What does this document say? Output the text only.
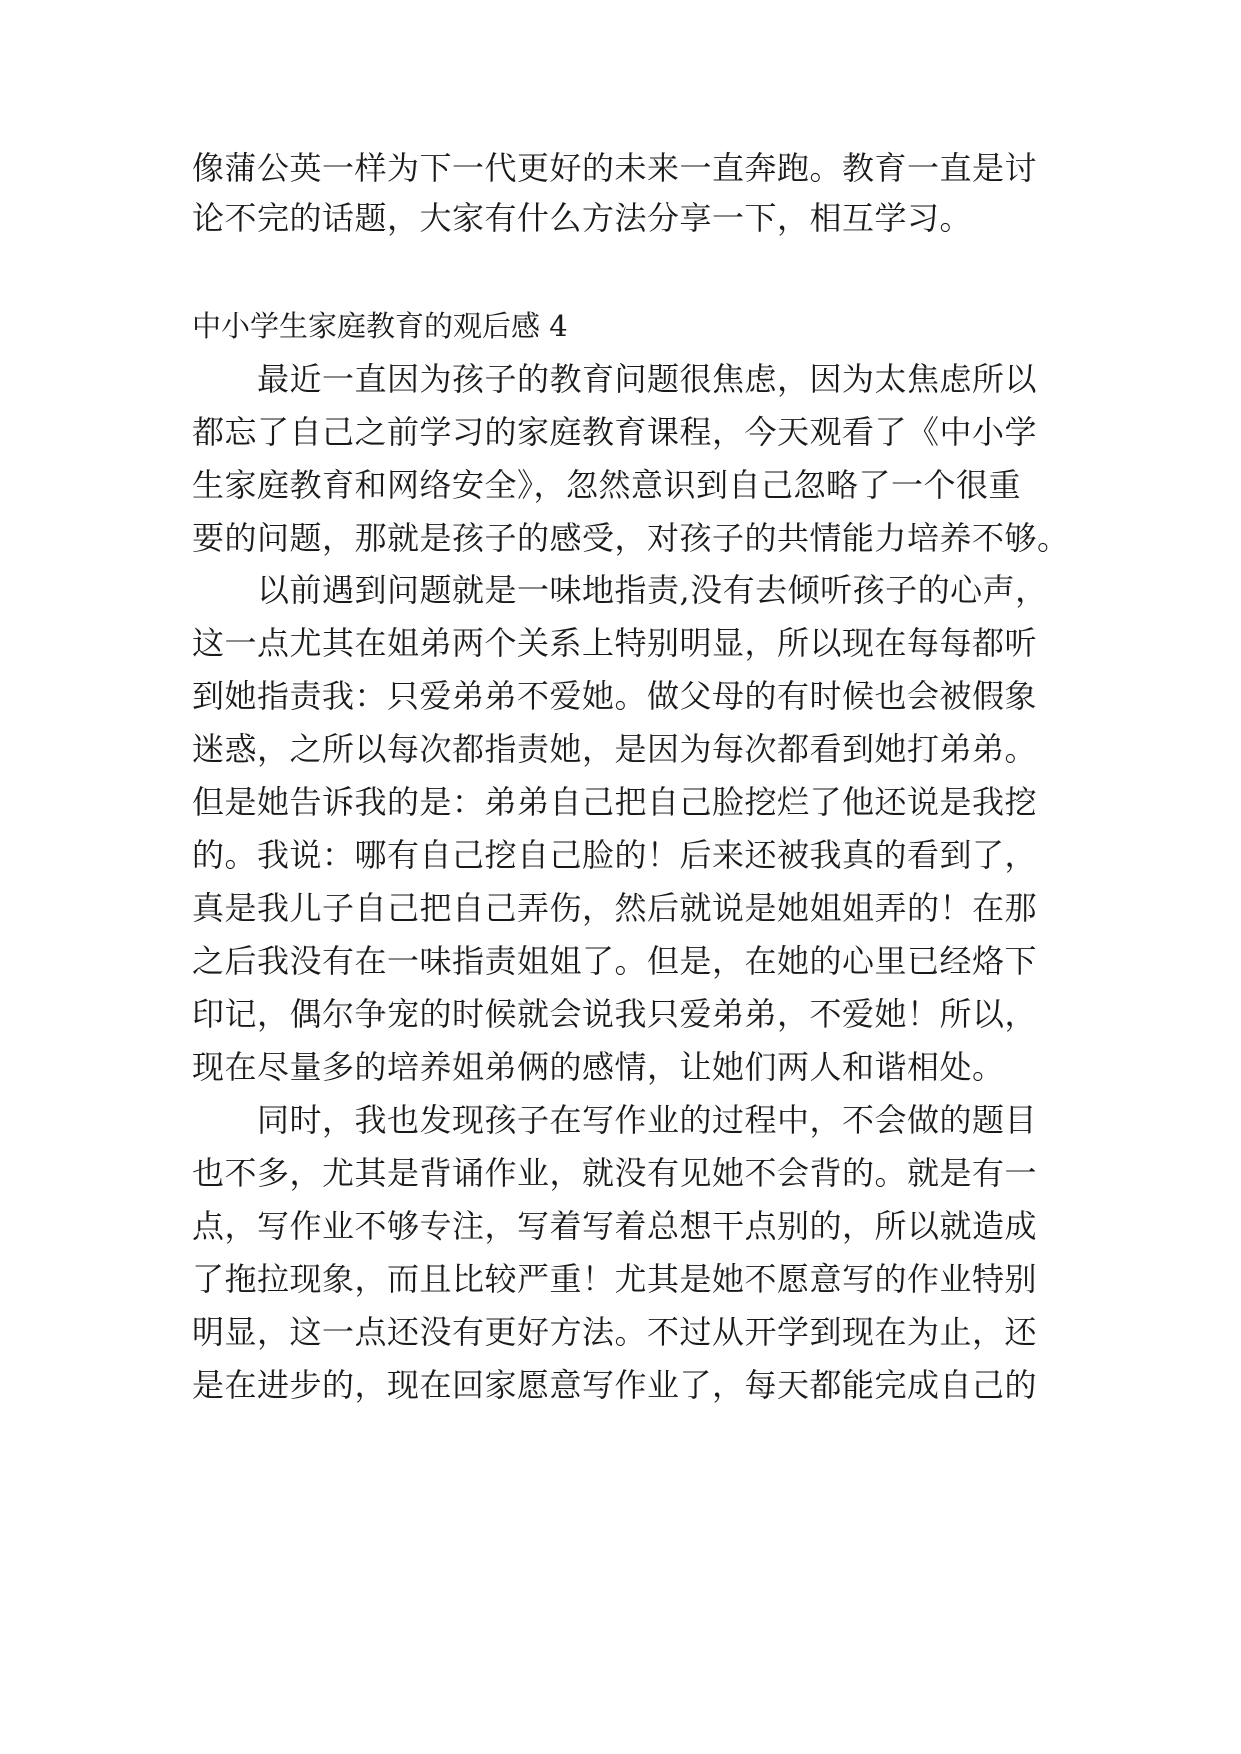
像蒲公英一样为下一代更好的未来一直奔跑。教育一直是讨
论不完的话题，大家有什么方法分享一下，相互学习。
中小学生家庭教育的观后感 4
　　最近一直因为孩子的教育问题很焦虑，因为太焦虑所以
都忘了自己之前学习的家庭教育课程，今天观看了《中小学
生家庭教育和网络安全》，忽然意识到自己忽略了一个很重
要的问题，那就是孩子的感受，对孩子的共情能力培养不够。
　　以前遇到问题就是一味地指责,没有去倾听孩子的心声，
这一点尤其在姐弟两个关系上特别明显，所以现在每每都听
到她指责我：只爱弟弟不爱她。做父母的有时候也会被假象
迷惑，之所以每次都指责她，是因为每次都看到她打弟弟。
但是她告诉我的是：弟弟自己把自己脸挖烂了他还说是我挖
的。我说：哪有自己挖自己脸的！后来还被我真的看到了，
真是我儿子自己把自己弄伤，然后就说是她姐姐弄的！在那
之后我没有在一味指责姐姐了。但是，在她的心里已经烙下
印记，偶尔争宠的时候就会说我只爱弟弟，不爱她！所以，
现在尽量多的培养姐弟俩的感情，让她们两人和谐相处。
　　同时，我也发现孩子在写作业的过程中，不会做的题目
也不多，尤其是背诵作业，就没有见她不会背的。就是有一
点，写作业不够专注，写着写着总想干点别的，所以就造成
了拖拉现象，而且比较严重！尤其是她不愿意写的作业特别
明显，这一点还没有更好方法。不过从开学到现在为止，还
是在进步的，现在回家愿意写作业了，每天都能完成自己的
